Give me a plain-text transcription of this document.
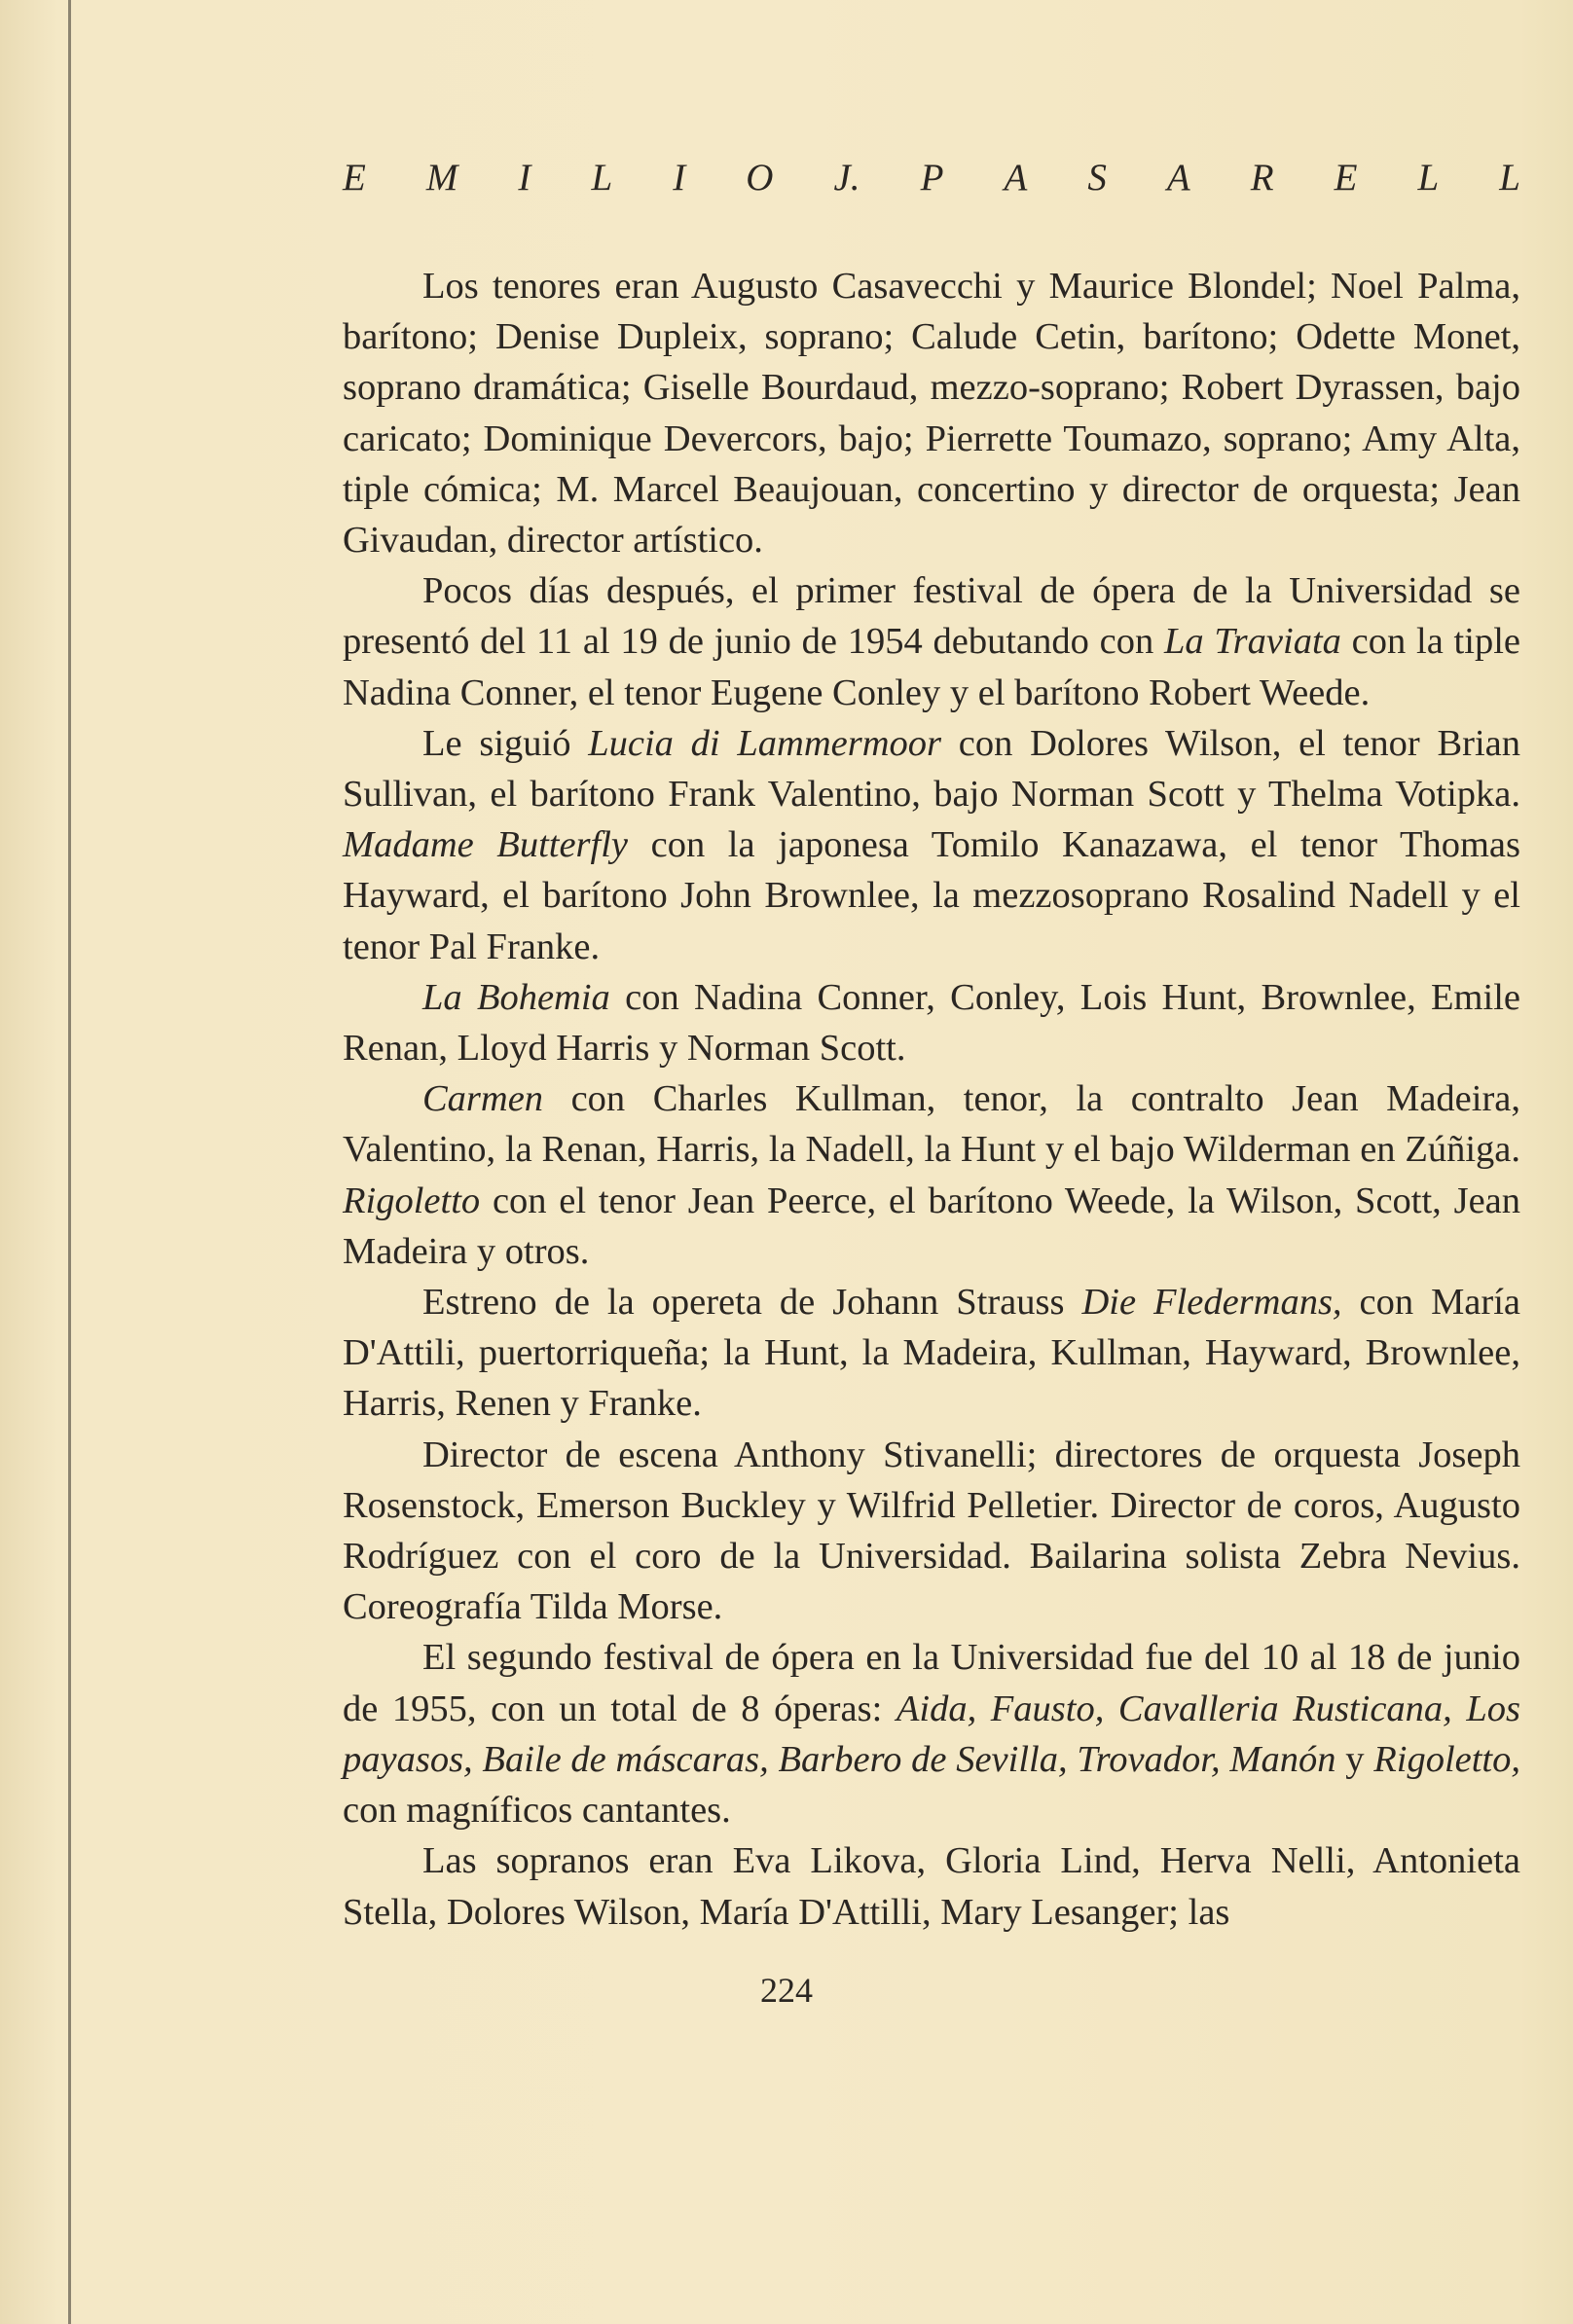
E M I L I O J. P A S A R E L L

Los tenores eran Augusto Casavecchi y Maurice Blondel; Noel Palma, barítono; Denise Dupleix, soprano; Calude Cetin, barítono; Odette Monet, soprano dramática; Giselle Bourdaud, mezzo-soprano; Robert Dyrassen, bajo caricato; Dominique Devercors, bajo; Pierrette Toumazo, soprano; Amy Alta, tiple cómica; M. Marcel Beaujouan, concertino y director de orquesta; Jean Givaudan, director artístico.

Pocos días después, el primer festival de ópera de la Universidad se presentó del 11 al 19 de junio de 1954 debutando con La Traviata con la tiple Nadina Conner, el tenor Eugene Conley y el barítono Robert Weede.

Le siguió Lucia di Lammermoor con Dolores Wilson, el tenor Brian Sullivan, el barítono Frank Valentino, bajo Norman Scott y Thelma Votipka. Madame Butterfly con la japonesa Tomilo Kanazawa, el tenor Thomas Hayward, el barítono John Brownlee, la mezzosoprano Rosalind Nadell y el tenor Pal Franke.

La Bohemia con Nadina Conner, Conley, Lois Hunt, Brownlee, Emile Renan, Lloyd Harris y Norman Scott.

Carmen con Charles Kullman, tenor, la contralto Jean Madeira, Valentino, la Renan, Harris, la Nadell, la Hunt y el bajo Wilderman en Zúñiga. Rigoletto con el tenor Jean Peerce, el barítono Weede, la Wilson, Scott, Jean Madeira y otros.

Estreno de la opereta de Johann Strauss Die Fledermans, con María D'Attili, puertorriqueña; la Hunt, la Madeira, Kullman, Hayward, Brownlee, Harris, Renen y Franke.

Director de escena Anthony Stivanelli; directores de orquesta Joseph Rosenstock, Emerson Buckley y Wilfrid Pelletier. Director de coros, Augusto Rodríguez con el coro de la Universidad. Bailarina solista Zebra Nevius. Coreografía Tilda Morse.

El segundo festival de ópera en la Universidad fue del 10 al 18 de junio de 1955, con un total de 8 óperas: Aida, Fausto, Cavalleria Rusticana, Los payasos, Baile de máscaras, Barbero de Sevilla, Trovador, Manón y Rigoletto, con magníficos cantantes.

Las sopranos eran Eva Likova, Gloria Lind, Herva Nelli, Antonieta Stella, Dolores Wilson, María D'Attilli, Mary Lesanger; las

224
